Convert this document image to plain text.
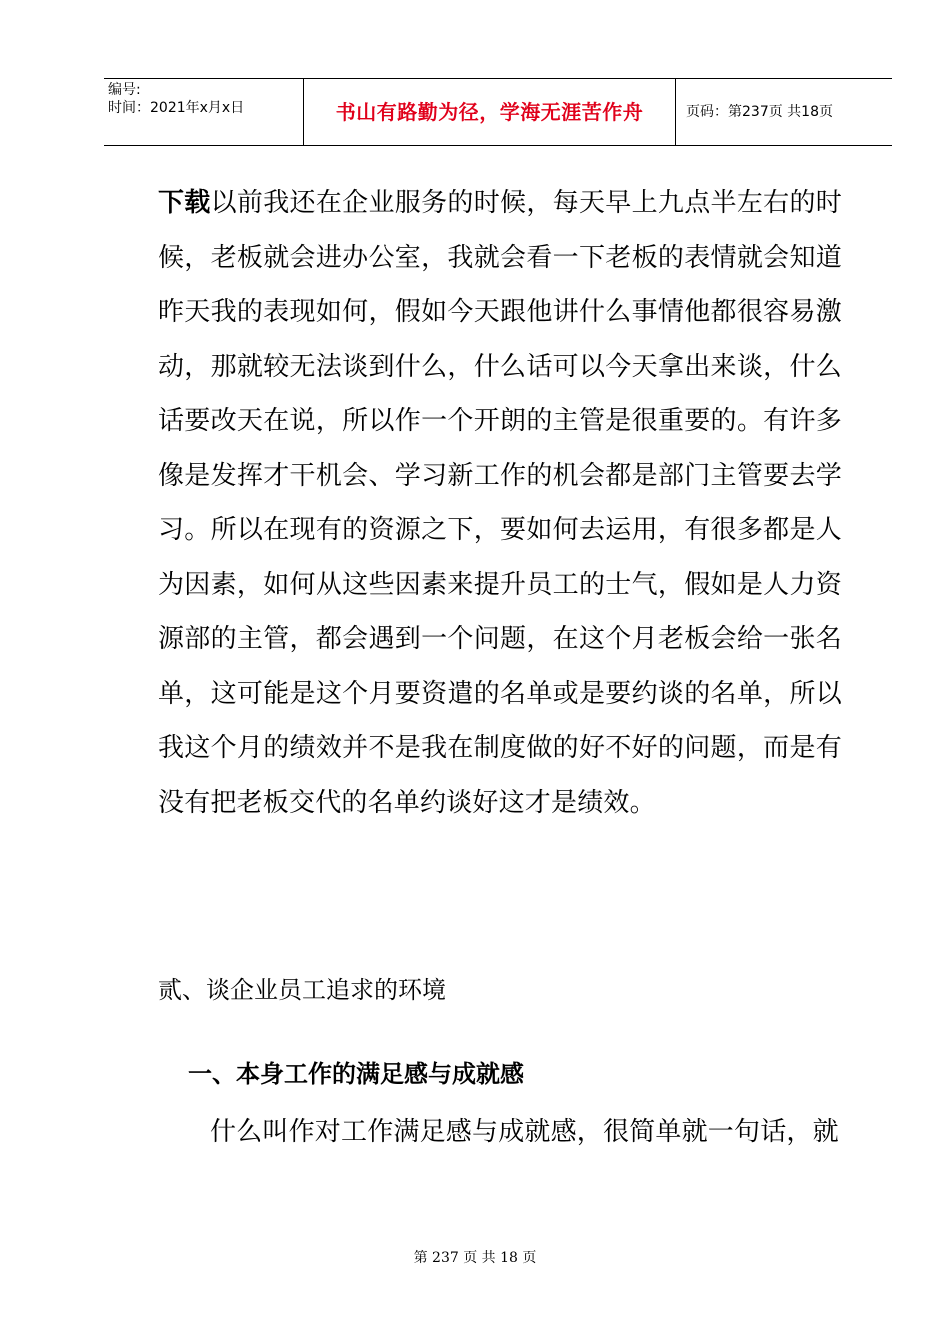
编号:
时间：2021年x月x日	书山有路勤为径，学海无涯苦作舟	页码：第237页 共18页
下载以前我还在企业服务的时候，每天早上九点半左右的时候，老板就会进办公室，我就会看一下老板的表情就会知道昨天我的表现如何，假如今天跟他讲什么事情他都很容易激动，那就较无法谈到什么，什么话可以今天拿出来谈，什么话要改天在说，所以作一个开朗的主管是很重要的。有许多像是发挥才干机会、学习新工作的机会都是部门主管要去学习。所以在现有的资源之下，要如何去运用，有很多都是人为因素，如何从这些因素来提升员工的士气，假如是人力资源部的主管，都会遇到一个问题，在这个月老板会给一张名单，这可能是这个月要资遣的名单或是要约谈的名单，所以我这个月的绩效并不是我在制度做的好不好的问题，而是有没有把老板交代的名单约谈好这才是绩效。
贰、谈企业员工追求的环境
一、本身工作的满足感与成就感
什么叫作对工作满足感与成就感，很简单就一句话，就
第 237 页 共 18 页
